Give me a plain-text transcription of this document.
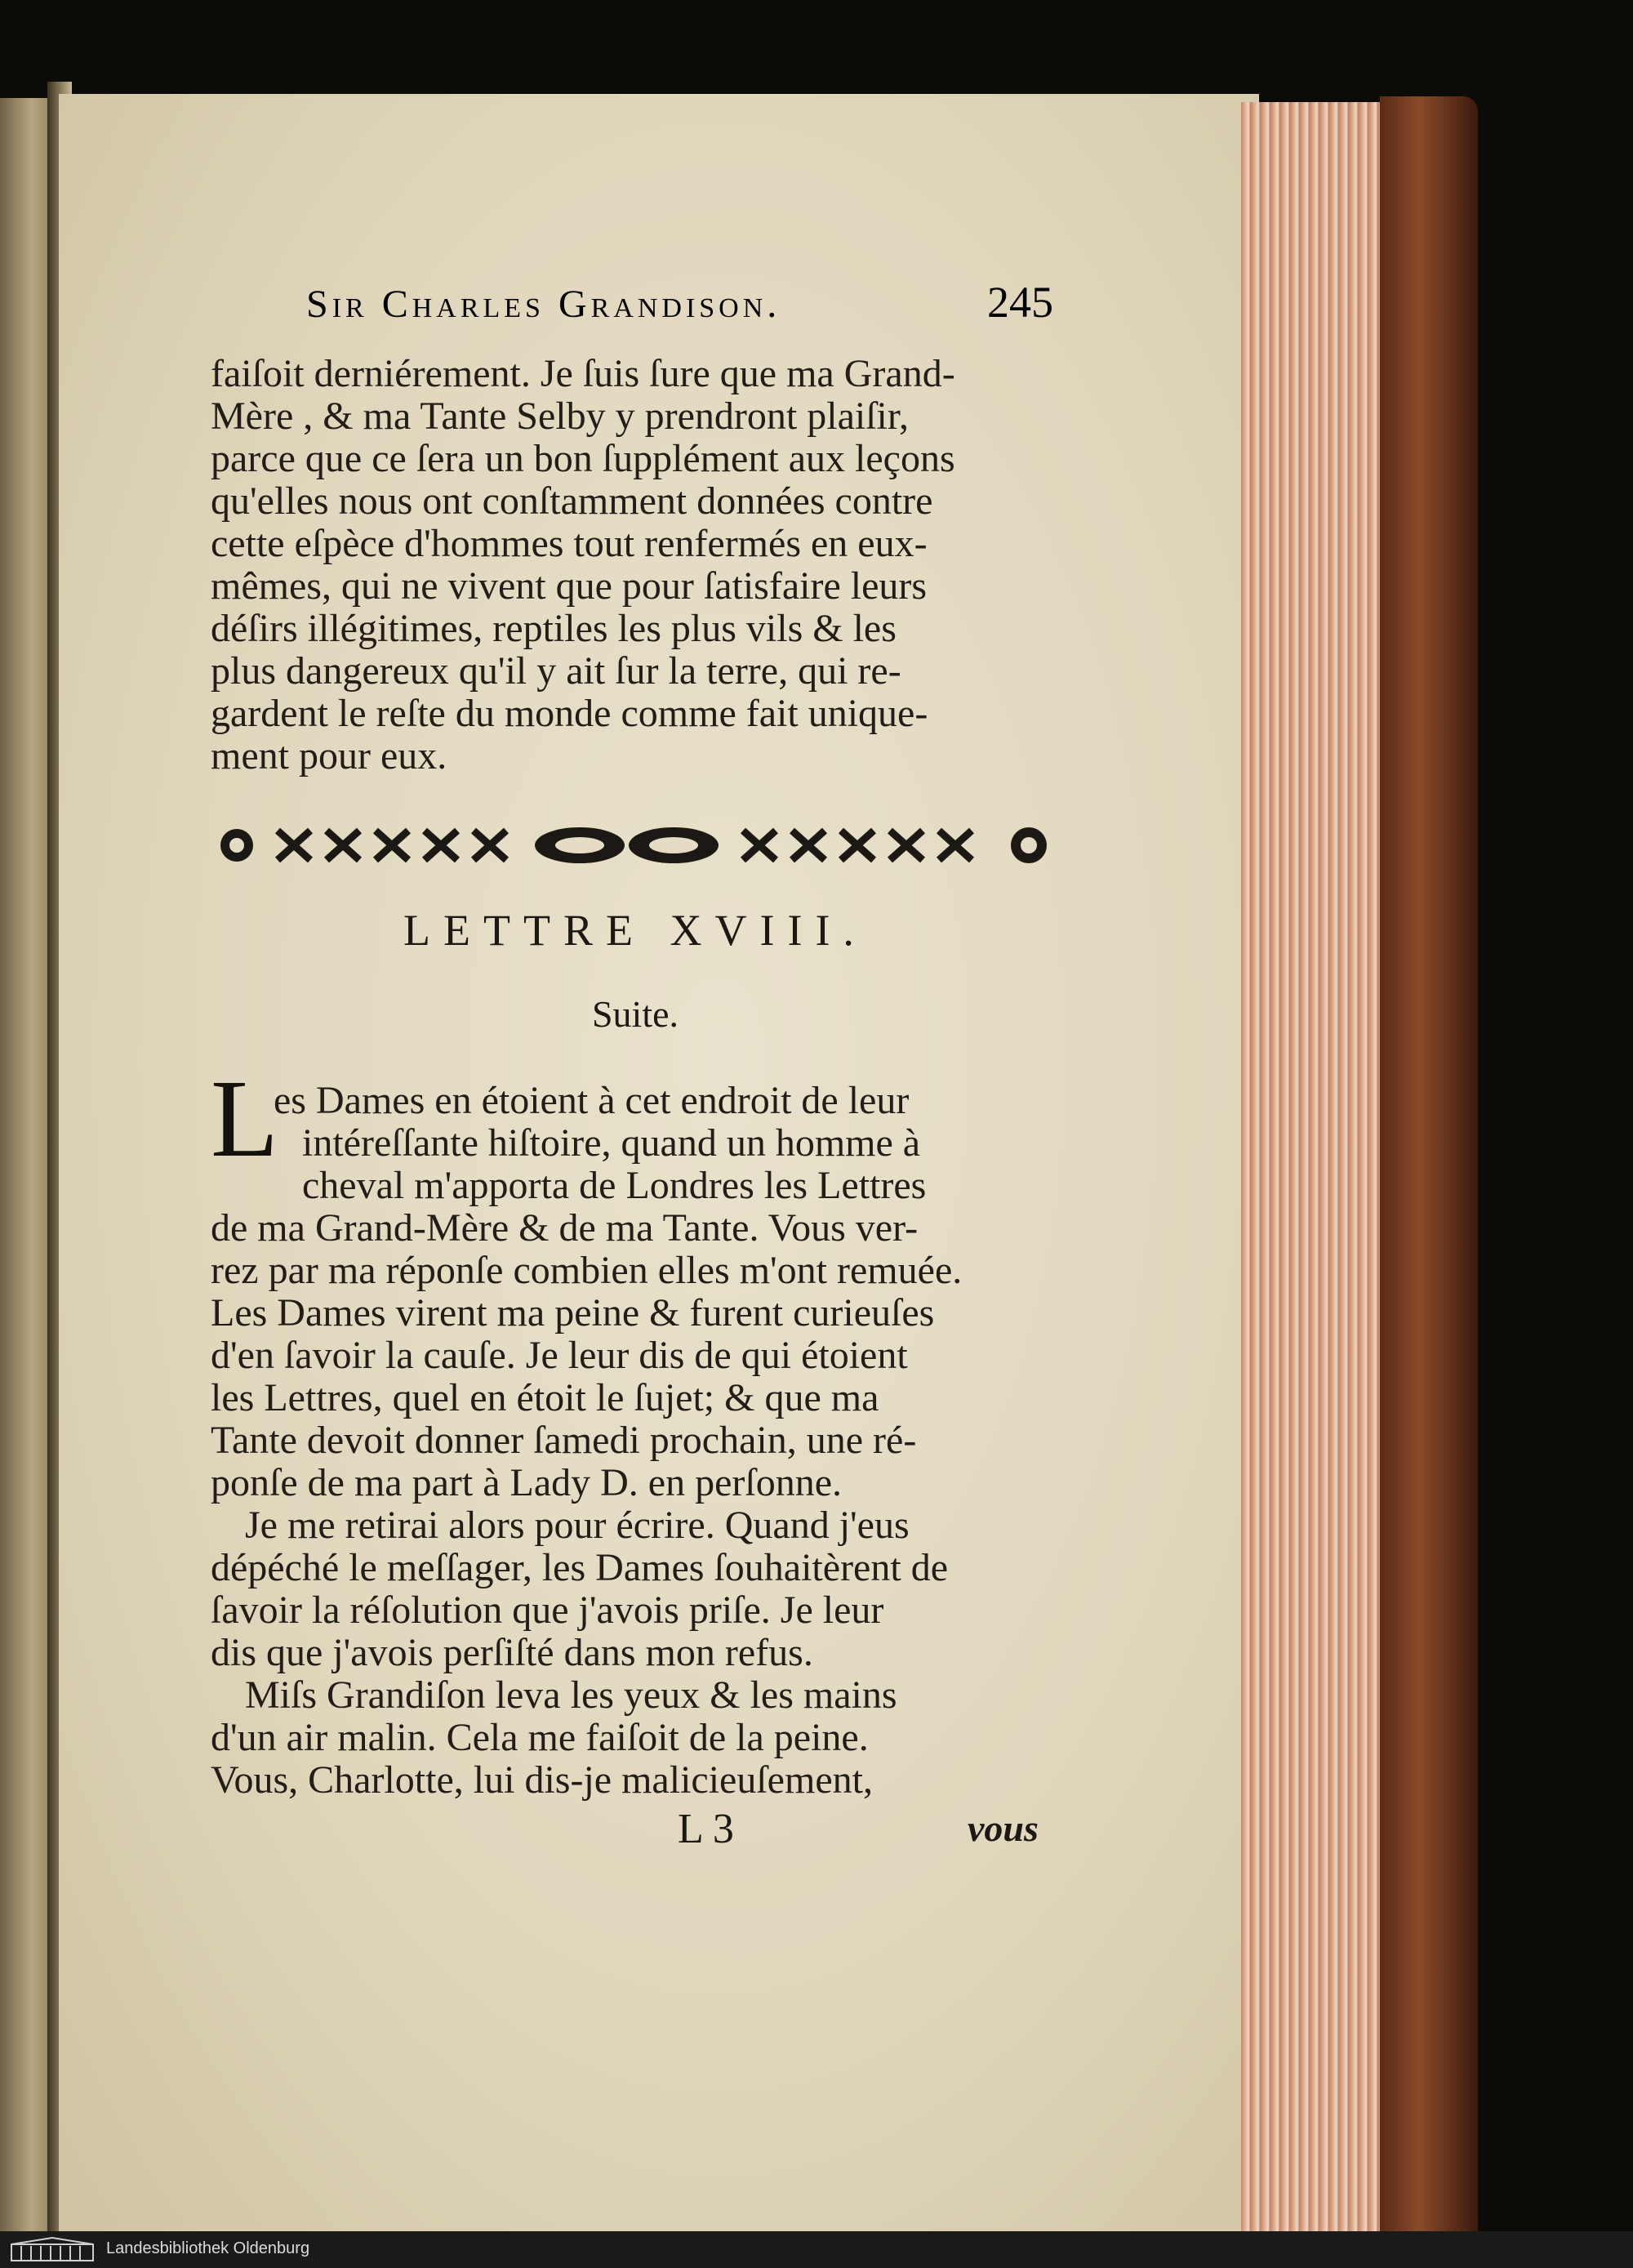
Sir Charles Grandison.	245
faiſoit derniérement. Je ſuis ſure que ma Grand-
Mère , & ma Tante Selby y prendront plaiſir,
parce que ce ſera un bon ſupplément aux leçons
qu'elles nous ont conſtamment données contre
cette eſpèce d'hommes tout renfermés en eux-
mêmes, qui ne vivent que pour ſatisfaire leurs
déſirs illégitimes, reptiles les plus vils & les
plus dangereux qu'il y ait ſur la terre, qui re-
gardent le reſte du monde comme fait unique-
ment pour eux.
LETTRE XVIII.
Suite.
L
es Dames en étoient à cet endroit de leur
intéreſſante hiſtoire, quand un homme à
cheval m'apporta de Londres les Lettres
de ma Grand-Mère & de ma Tante. Vous ver-
rez par ma réponſe combien elles m'ont remuée.
Les Dames virent ma peine & furent curieuſes
d'en ſavoir la cauſe. Je leur dis de qui étoient
les Lettres, quel en étoit le ſujet; & que ma
Tante devoit donner ſamedi prochain, une ré-
ponſe de ma part à Lady D. en perſonne.
Je me retirai alors pour écrire. Quand j'eus
dépéché le meſſager, les Dames ſouhaitèrent de
ſavoir la réſolution que j'avois priſe. Je leur
dis que j'avois perſiſté dans mon refus.
Miſs Grandiſon leva les yeux & les mains
d'un air malin. Cela me faiſoit de la peine.
Vous, Charlotte, lui dis-je malicieuſement,
L 3	vous
Landesbibliothek Oldenburg
